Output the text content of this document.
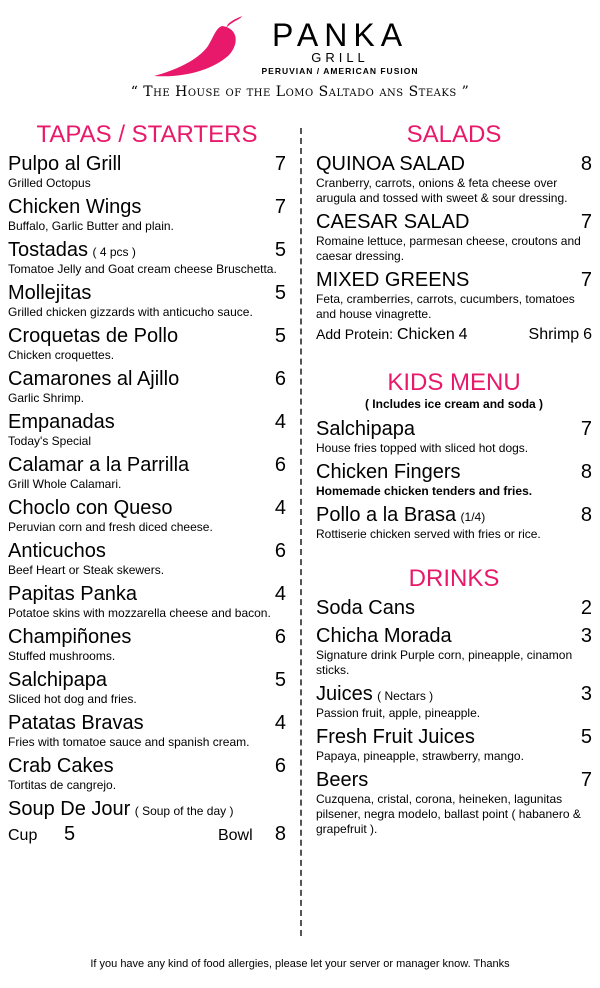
PANKA
GRILL
PERUVIAN / AMERICAN FUSION
“ The House of the Lomo Saltado ans Steaks ”
TAPAS / STARTERS
Pulpo al Grill	7
Grilled Octopus
Chicken Wings	7
Buffalo, Garlic Butter and plain.
Tostadas ( 4 pcs )	5
Tomatoe Jelly and Goat cream cheese Bruschetta.
Mollejitas	5
Grilled chicken gizzards with anticucho sauce.
Croquetas de Pollo	5
Chicken croquettes.
Camarones al Ajillo	6
Garlic Shrimp.
Empanadas	4
Today's Special
Calamar a la Parrilla	6
Grill Whole Calamari.
Choclo con Queso	4
Peruvian corn and fresh diced cheese.
Anticuchos	6
Beef Heart or Steak skewers.
Papitas Panka	4
Potatoe skins with mozzarella cheese and bacon.
Champiñones	6
Stuffed mushrooms.
Salchipapa	5
Sliced hot dog and fries.
Patatas Bravas	4
Fries with tomatoe sauce and spanish cream.
Crab Cakes	6
Tortitas de cangrejo.
Soup De Jour ( Soup of the day )
Cup 5	Bowl 8
SALADS
QUINOA SALAD	8
Cranberry, carrots, onions & feta cheese over arugula and tossed with sweet & sour dressing.
CAESAR SALAD	7
Romaine lettuce, parmesan cheese, croutons and caesar dressing.
MIXED GREENS	7
Feta, cramberries, carrots, cucumbers, tomatoes and house vinagrette.
Add Protein: Chicken 4	Shrimp 6
KIDS MENU
( Includes ice cream and soda )
Salchipapa	7
House fries topped with sliced hot dogs.
Chicken Fingers	8
Homemade chicken tenders and fries.
Pollo a la Brasa (1/4)	8
Rottiserie chicken served with fries or rice.
DRINKS
Soda Cans	2
Chicha Morada	3
Signature drink Purple corn, pineapple, cinamon sticks.
Juices ( Nectars )	3
Passion fruit, apple, pineapple.
Fresh Fruit Juices	5
Papaya, pineapple, strawberry, mango.
Beers	7
Cuzquena, cristal, corona, heineken, lagunitas pilsener, negra modelo, ballast point ( habanero & grapefruit ).
If you have any kind of food allergies, please let your server or manager know. Thanks
